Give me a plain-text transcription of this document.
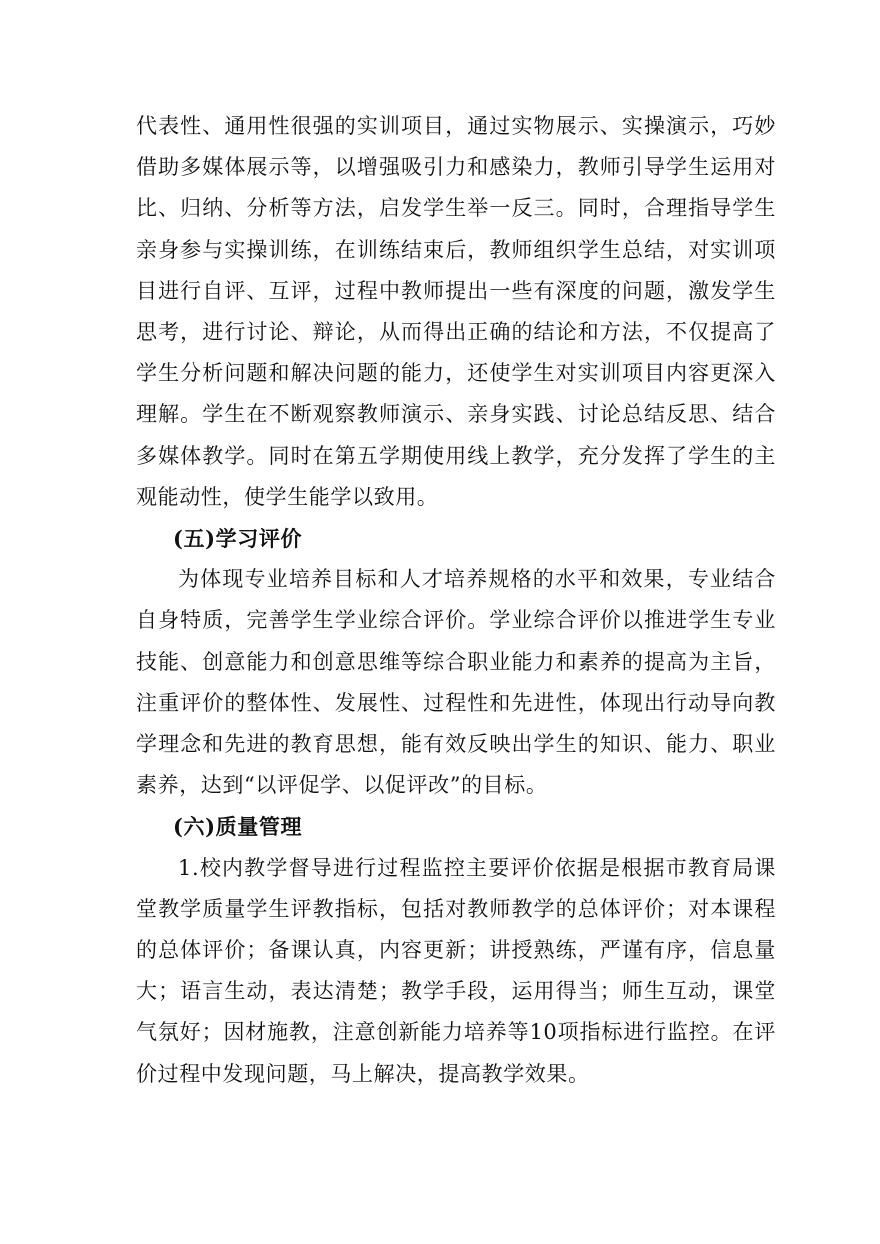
代表性、通用性很强的实训项目，通过实物展示、实操演示，巧妙借助多媒体展示等，以增强吸引力和感染力，教师引导学生运用对比、归纳、分析等方法，启发学生举一反三。同时，合理指导学生亲身参与实操训练，在训练结束后，教师组织学生总结，对实训项目进行自评、互评，过程中教师提出一些有深度的问题，激发学生思考，进行讨论、辩论，从而得出正确的结论和方法，不仅提高了学生分析问题和解决问题的能力，还使学生对实训项目内容更深入理解。学生在不断观察教师演示、亲身实践、讨论总结反思、结合多媒体教学。同时在第五学期使用线上教学，充分发挥了学生的主观能动性，使学生能学以致用。

(五)学习评价

为体现专业培养目标和人才培养规格的水平和效果，专业结合自身特质，完善学生学业综合评价。学业综合评价以推进学生专业技能、创意能力和创意思维等综合职业能力和素养的提高为主旨，注重评价的整体性、发展性、过程性和先进性，体现出行动导向教学理念和先进的教育思想，能有效反映出学生的知识、能力、职业素养，达到“以评促学、以促评改”的目标。

(六)质量管理

1.校内教学督导进行过程监控主要评价依据是根据市教育局课堂教学质量学生评教指标，包括对教师教学的总体评价；对本课程的总体评价；备课认真，内容更新；讲授熟练，严谨有序，信息量大；语言生动，表达清楚；教学手段，运用得当；师生互动，课堂气氛好；因材施教，注意创新能力培养等10项指标进行监控。在评价过程中发现问题，马上解决，提高教学效果。
